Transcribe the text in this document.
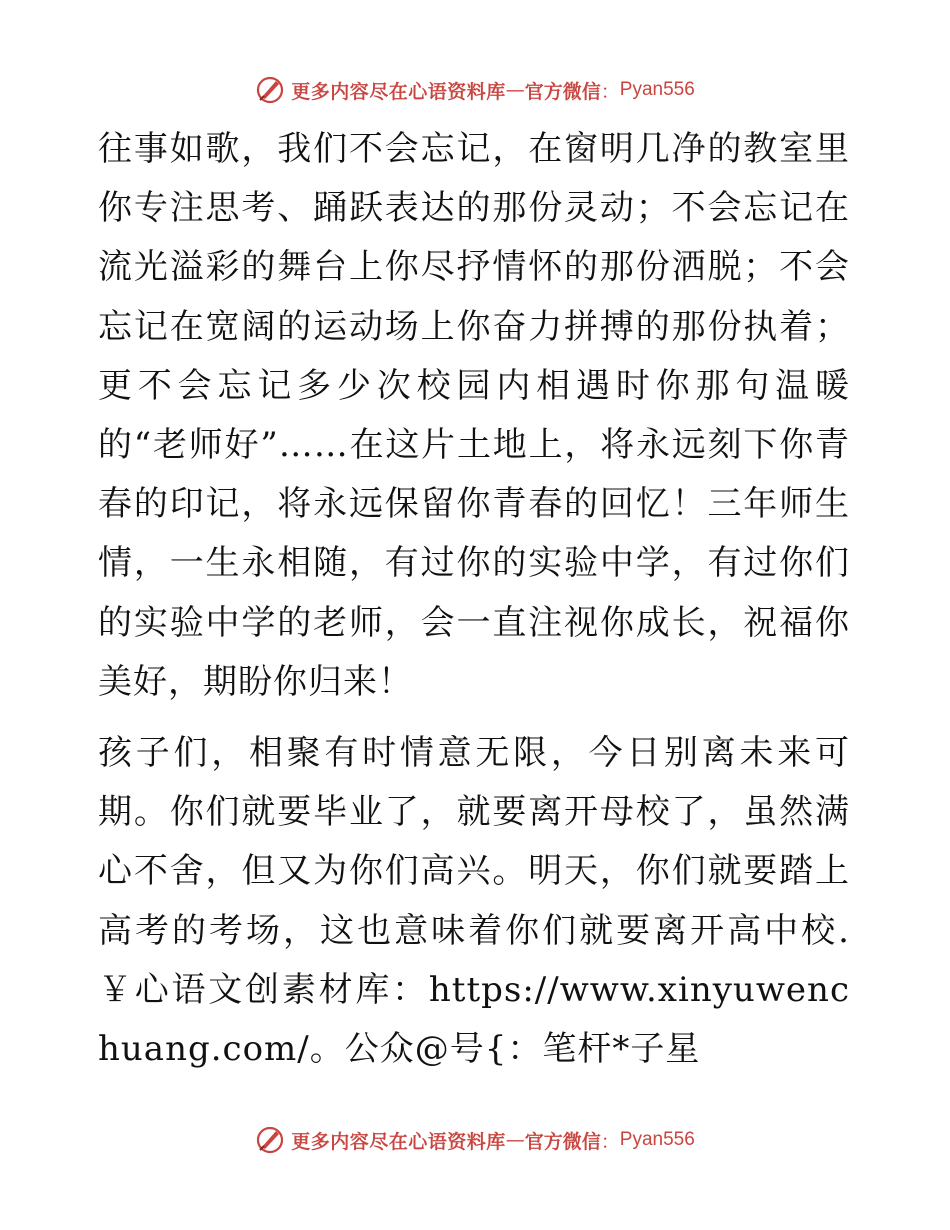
更多内容尽在心语资料库 — 官方微信 ： Pyan556

往事如歌，我们不会忘记，在窗明几净的教室里你专注思考、踊跃表达的那份灵动；不会忘记在流光溢彩的舞台上你尽抒情怀的那份洒脱；不会忘记在宽阔的运动场上你奋力拼搏的那份执着；更不会忘记多少次校园内相遇时你那句温暖的“老师好”……在这片土地上，将永远刻下你青春的印记，将永远保留你青春的回忆！三年师生情，一生永相随，有过你的实验中学，有过你们的实验中学的老师，会一直注视你成长，祝福你美好，期盼你归来！

孩子们，相聚有时情意无限，今日别离未来可期。你们就要毕业了，就要离开母校了，虽然满心不舍，但又为你们高兴。明天，你们就要踏上高考的考场，这也意味着你们就要离开高中校.￥心语文创素材库：https://www.xinyuwenchuang.com/。公众@号{：笔杆*子星

更多内容尽在心语资料库 — 官方微信 ： Pyan556
